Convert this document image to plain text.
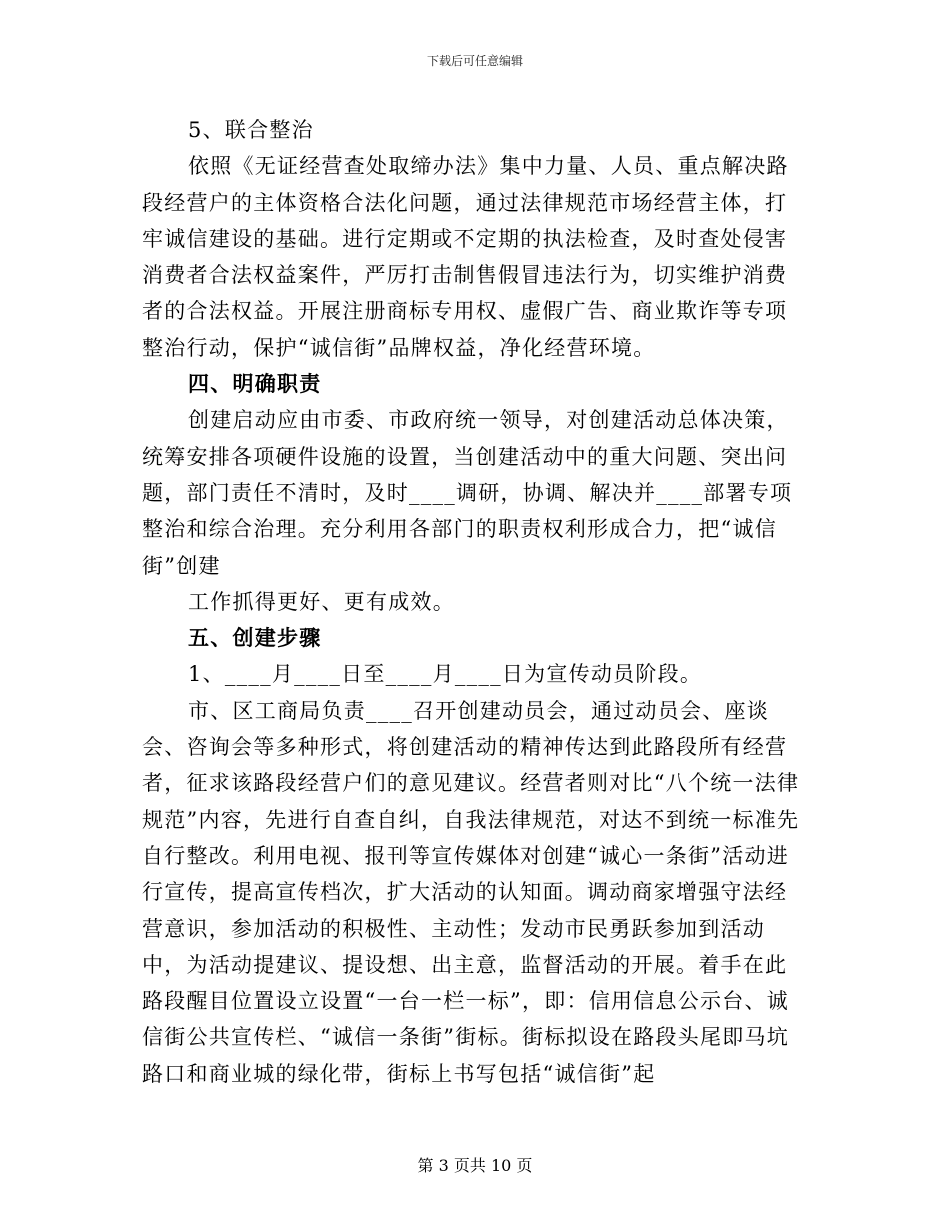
下载后可任意编辑

5、联合整治

依照《无证经营查处取缔办法》集中力量、人员、重点解决路段经营户的主体资格合法化问题，通过法律规范市场经营主体，打牢诚信建设的基础。进行定期或不定期的执法检查，及时查处侵害消费者合法权益案件，严厉打击制售假冒违法行为，切实维护消费者的合法权益。开展注册商标专用权、虚假广告、商业欺诈等专项整治行动，保护“诚信街”品牌权益，净化经营环境。

四、明确职责

创建启动应由市委、市政府统一领导，对创建活动总体决策，统筹安排各项硬件设施的设置，当创建活动中的重大问题、突出问题，部门责任不清时，及时____调研，协调、解决并____部署专项整治和综合治理。充分利用各部门的职责权利形成合力，把“诚信街”创建

工作抓得更好、更有成效。

五、创建步骤

1、____月____日至____月____日为宣传动员阶段。

市、区工商局负责____召开创建动员会，通过动员会、座谈会、咨询会等多种形式，将创建活动的精神传达到此路段所有经营者，征求该路段经营户们的意见建议。经营者则对比“八个统一法律规范”内容，先进行自查自纠，自我法律规范，对达不到统一标准先自行整改。利用电视、报刊等宣传媒体对创建“诚心一条街”活动进行宣传，提高宣传档次，扩大活动的认知面。调动商家增强守法经营意识，参加活动的积极性、主动性；发动市民勇跃参加到活动中，为活动提建议、提设想、出主意，监督活动的开展。着手在此路段醒目位置设立设置“一台一栏一标”，即：信用信息公示台、诚信街公共宣传栏、“诚信一条街”街标。街标拟设在路段头尾即马坑路口和商业城的绿化带，街标上书写包括“诚信街”起

第 3 页共 10 页
